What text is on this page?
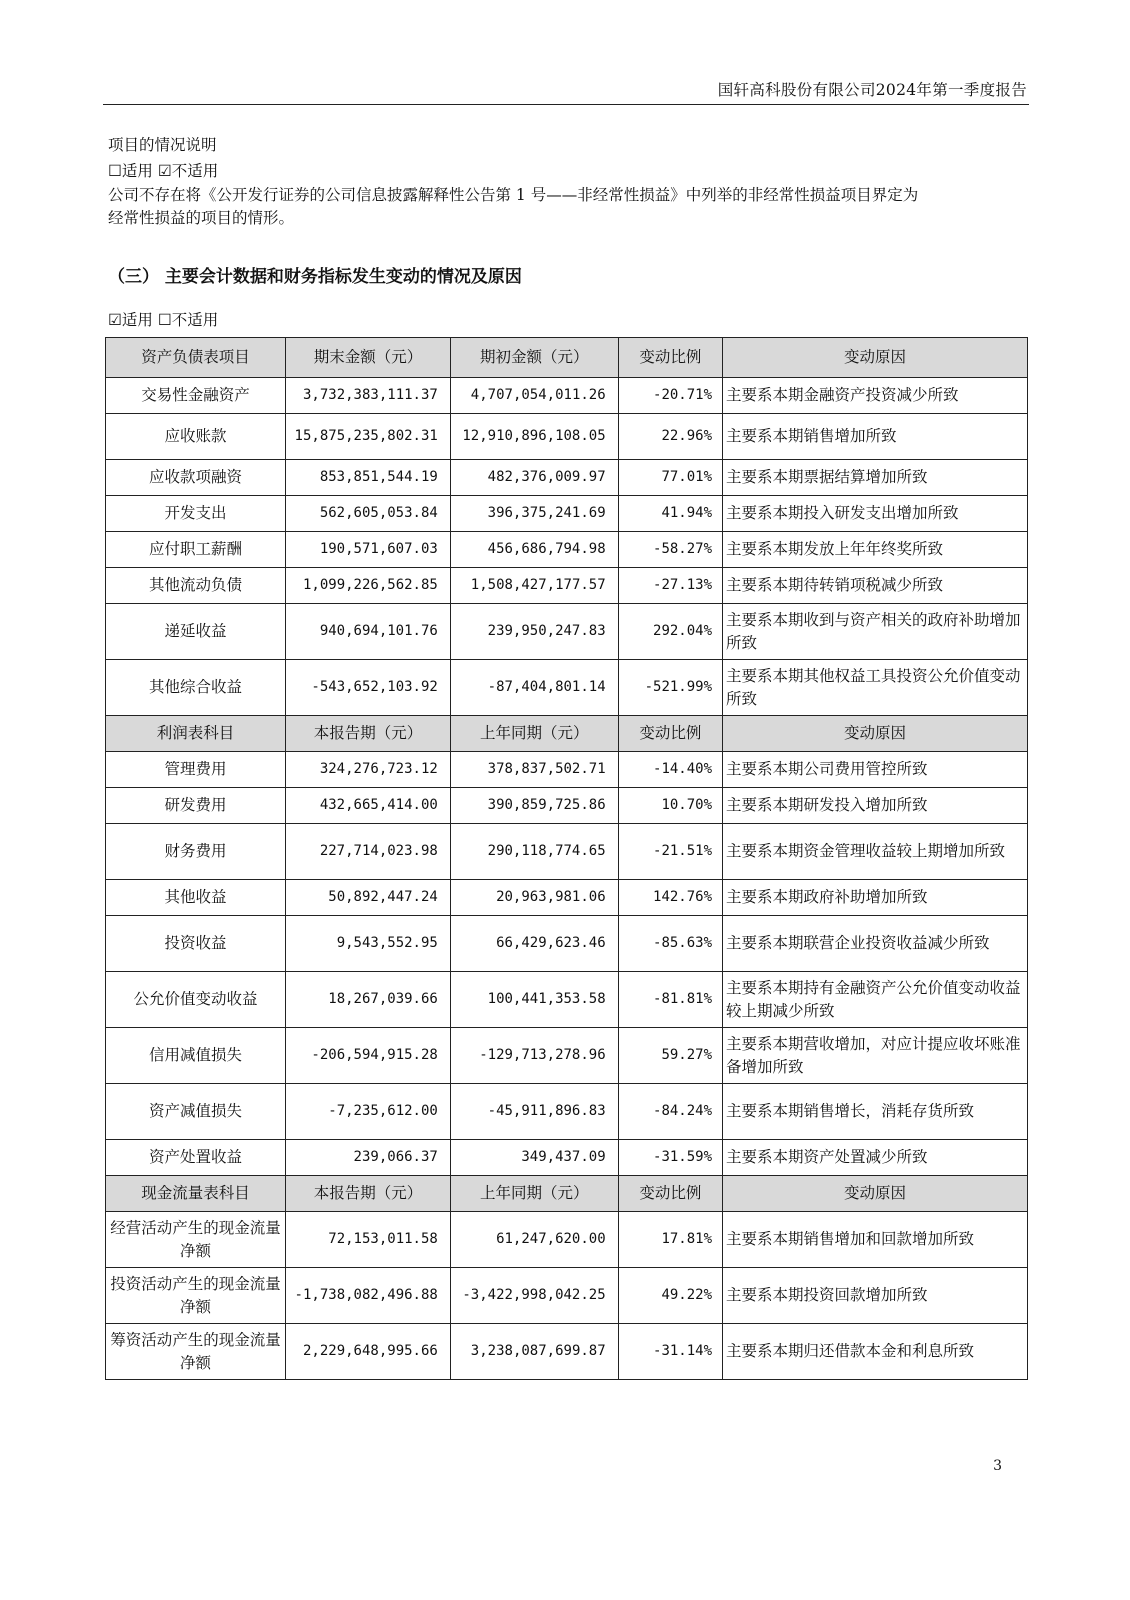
国轩高科股份有限公司2024年第一季度报告
项目的情况说明
☐适用 ☑不适用
公司不存在将《公开发行证券的公司信息披露解释性公告第 1 号——非经常性损益》中列举的非经常性损益项目界定为
经常性损益的项目的情形。
（三） 主要会计数据和财务指标发生变动的情况及原因
☑适用 ☐不适用
资产负债表项目	期末金额（元）	期初金额（元）	变动比例	变动原因
交易性金融资产	3,732,383,111.37	4,707,054,011.26	-20.71%	主要系本期金融资产投资减少所致
应收账款	15,875,235,802.31	12,910,896,108.05	22.96%	主要系本期销售增加所致
应收款项融资	853,851,544.19	482,376,009.97	77.01%	主要系本期票据结算增加所致
开发支出	562,605,053.84	396,375,241.69	41.94%	主要系本期投入研发支出增加所致
应付职工薪酬	190,571,607.03	456,686,794.98	-58.27%	主要系本期发放上年年终奖所致
其他流动负债	1,099,226,562.85	1,508,427,177.57	-27.13%	主要系本期待转销项税减少所致
递延收益	940,694,101.76	239,950,247.83	292.04%	主要系本期收到与资产相关的政府补助增加所致
其他综合收益	-543,652,103.92	-87,404,801.14	-521.99%	主要系本期其他权益工具投资公允价值变动所致
利润表科目	本报告期（元）	上年同期（元）	变动比例	变动原因
管理费用	324,276,723.12	378,837,502.71	-14.40%	主要系本期公司费用管控所致
研发费用	432,665,414.00	390,859,725.86	10.70%	主要系本期研发投入增加所致
财务费用	227,714,023.98	290,118,774.65	-21.51%	主要系本期资金管理收益较上期增加所致
其他收益	50,892,447.24	20,963,981.06	142.76%	主要系本期政府补助增加所致
投资收益	9,543,552.95	66,429,623.46	-85.63%	主要系本期联营企业投资收益减少所致
公允价值变动收益	18,267,039.66	100,441,353.58	-81.81%	主要系本期持有金融资产公允价值变动收益较上期减少所致
信用减值损失	-206,594,915.28	-129,713,278.96	59.27%	主要系本期营收增加，对应计提应收坏账准备增加所致
资产减值损失	-7,235,612.00	-45,911,896.83	-84.24%	主要系本期销售增长，消耗存货所致
资产处置收益	239,066.37	349,437.09	-31.59%	主要系本期资产处置减少所致
现金流量表科目	本报告期（元）	上年同期（元）	变动比例	变动原因
经营活动产生的现金流量净额	72,153,011.58	61,247,620.00	17.81%	主要系本期销售增加和回款增加所致
投资活动产生的现金流量净额	-1,738,082,496.88	-3,422,998,042.25	49.22%	主要系本期投资回款增加所致
筹资活动产生的现金流量净额	2,229,648,995.66	3,238,087,699.87	-31.14%	主要系本期归还借款本金和利息所致
3
